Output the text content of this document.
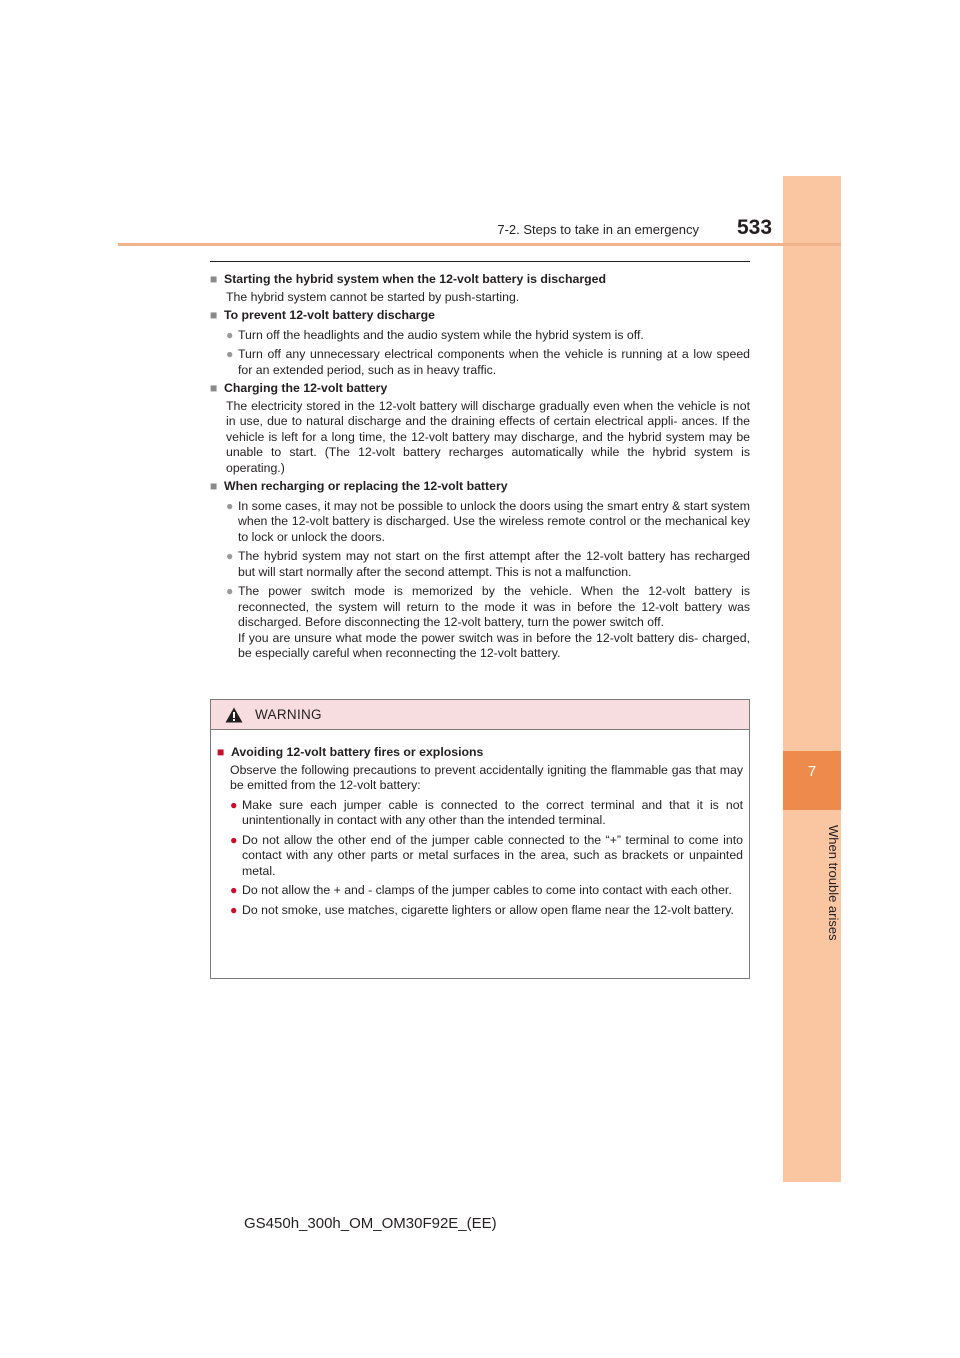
7
When trouble arises
7-2. Steps to take in an emergency 533
■ Starting the hybrid system when the 12-volt battery is discharged
The hybrid system cannot be started by push-starting.
■ To prevent 12-volt battery discharge
● Turn off the headlights and the audio system while the hybrid system is off.
● Turn off any unnecessary electrical components when the vehicle is running at a low speed for an extended period, such as in heavy traffic.
■ Charging the 12-volt battery
The electricity stored in the 12-volt battery will discharge gradually even when the vehicle is not in use, due to natural discharge and the draining effects of certain electrical appli- ances. If the vehicle is left for a long time, the 12-volt battery may discharge, and the hybrid system may be unable to start. (The 12-volt battery recharges automatically while the hybrid system is operating.)
■ When recharging or replacing the 12-volt battery
● In some cases, it may not be possible to unlock the doors using the smart entry & start system when the 12-volt battery is discharged. Use the wireless remote control or the mechanical key to lock or unlock the doors.
● The hybrid system may not start on the first attempt after the 12-volt battery has recharged but will start normally after the second attempt. This is not a malfunction.
● The power switch mode is memorized by the vehicle. When the 12-volt battery is reconnected, the system will return to the mode it was in before the 12-volt battery was discharged. Before disconnecting the 12-volt battery, turn the power switch off.
If you are unsure what mode the power switch was in before the 12-volt battery dis- charged, be especially careful when reconnecting the 12-volt battery.
WARNING
■ Avoiding 12-volt battery fires or explosions
Observe the following precautions to prevent accidentally igniting the flammable gas that may be emitted from the 12-volt battery:
● Make sure each jumper cable is connected to the correct terminal and that it is not unintentionally in contact with any other than the intended terminal.
● Do not allow the other end of the jumper cable connected to the “+” terminal to come into contact with any other parts or metal surfaces in the area, such as brackets or unpainted metal.
● Do not allow the + and - clamps of the jumper cables to come into contact with each other.
● Do not smoke, use matches, cigarette lighters or allow open flame near the 12-volt battery.
GS450h_300h_OM_OM30F92E_(EE)
